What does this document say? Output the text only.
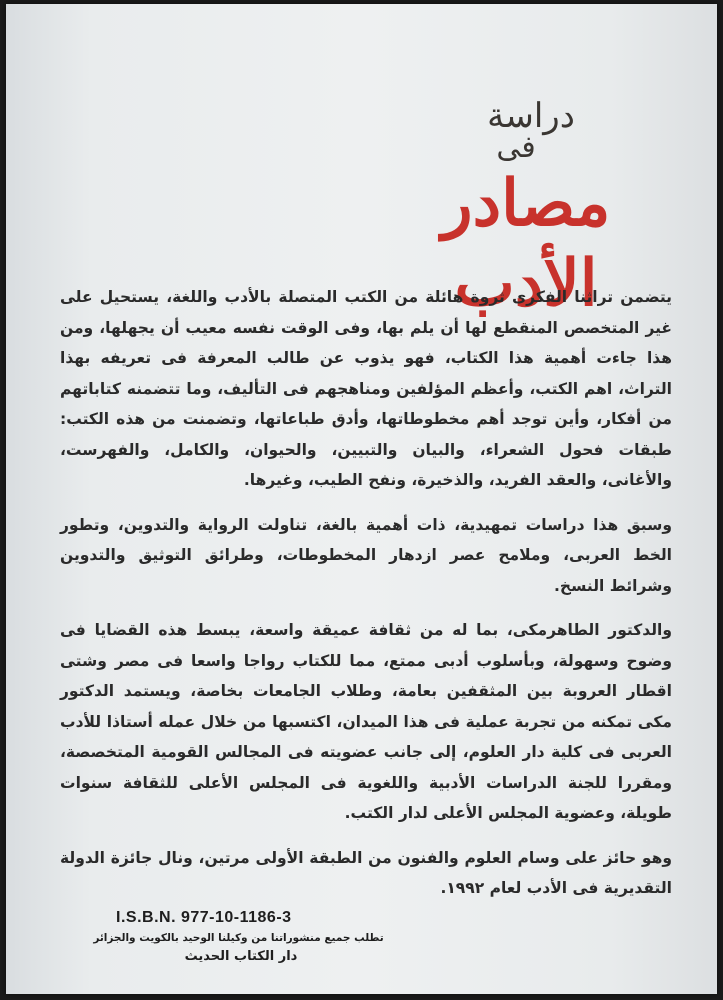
دراسة
فى
مصادر الأدب

يتضمن تراثنا الفكرى ثروة هائلة من الكتب المتصلة بالأدب واللغة، يستحيل على غير المتخصص المنقطع لها أن يلم بها، وفى الوقت نفسه معيب أن يجهلها، ومن هذا جاءت أهمية هذا الكتاب، فهو يذوب عن طالب المعرفة فى تعريفه بهذا التراث، اهم الكتب، وأعظم المؤلفين ومناهجهم فى التأليف، وما تتضمنه كتاباتهم من أفكار، وأين توجد أهم مخطوطاتها، وأدق طباعاتها، وتضمنت من هذه الكتب: طبقات فحول الشعراء، والبيان والتبيين، والحيوان، والكامل، والفهرست، والأغانى، والعقد الفريد، والذخيرة، ونفح الطيب، وغيرها.

وسبق هذا دراسات تمهيدية، ذات أهمية بالغة، تناولت الرواية والتدوين، وتطور الخط العربى، وملامح عصر ازدهار المخطوطات، وطرائق التوثيق والتدوين وشرائط النسخ.

والدكتور الطاهرمكى، بما له من ثقافة عميقة واسعة، يبسط هذه القضايا فى وضوح وسهولة، وبأسلوب أدبى ممتع، مما للكتاب رواجا واسعا فى مصر وشتى اقطار العروبة بين المثقفين بعامة، وطلاب الجامعات بخاصة، ويستمد الدكتور مكى تمكنه من تجربة عملية فى هذا الميدان، اكتسبها من خلال عمله أستاذا للأدب العربى فى كلية دار العلوم، إلى جانب عضويته فى المجالس القومية المتخصصة، ومقررا للجنة الدراسات الأدبية واللغوية فى المجلس الأعلى للثقافة سنوات طويلة، وعضوية المجلس الأعلى لدار الكتب.

وهو حائز على وسام العلوم والفنون من الطبقة الأولى مرتين، ونال جائزة الدولة التقديرية فى الأدب لعام ١٩٩٢.

I.S.B.N. 977-10-1186-3
تطلب جميع منشوراتنا من وكيلنا الوحيد بالكويت والجزائر
دار الكتاب الحديث
